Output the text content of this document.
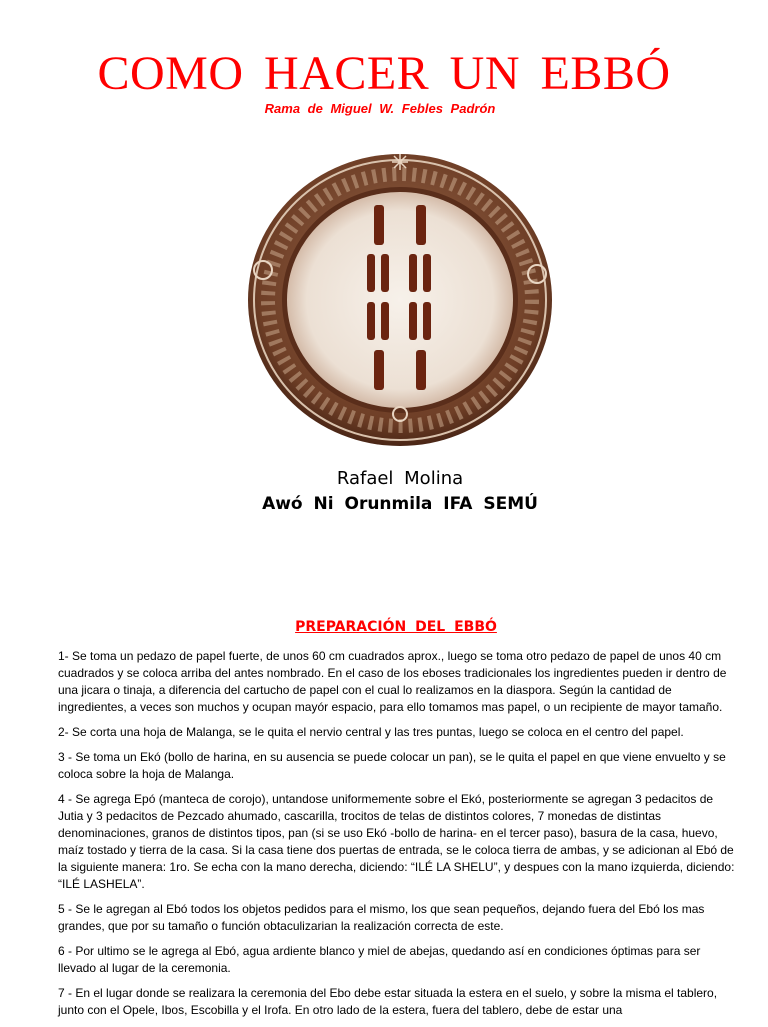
COMO HACER UN EBBÓ

Rama de Miguel W. Febles Padrón

Rafael Molina

Awó Ni Orunmila IFA SEMÚ

PREPARACIÓN DEL EBBÓ

1- Se toma un pedazo de papel fuerte, de unos 60 cm cuadrados aprox., luego se toma otro pedazo de papel de unos 40 cm cuadrados y se coloca arriba del antes nombrado. En el caso de los eboses tradicionales los ingredientes pueden ir dentro de una jicara o tinaja, a diferencia del cartucho de papel con el cual lo realizamos en la diaspora. Según la cantidad de ingredientes, a veces son muchos y ocupan mayór espacio, para ello tomamos mas papel, o un recipiente de mayor tamaño.

2- Se corta una hoja de Malanga, se le quita el nervio central y las tres puntas, luego se coloca en el centro del papel.

3 - Se toma un Ekó (bollo de harina, en su ausencia se puede colocar un pan), se le quita el papel en que viene envuelto y se coloca sobre la hoja de Malanga.

4 - Se agrega Epó (manteca de corojo), untandose uniformemente sobre el Ekó, posteriormente se agregan 3 pedacitos de Jutia y 3 pedacitos de Pezcado ahumado, cascarilla, trocitos de telas de distintos colores, 7 monedas de distintas denominaciones, granos de distintos tipos, pan (si se uso Ekó -bollo de harina- en el tercer paso), basura de la casa, huevo, maíz tostado y tierra de la casa. Si la casa tiene dos puertas de entrada, se le coloca tierra de ambas, y se adicionan al Ebó de la siguiente manera: 1ro. Se echa con la mano derecha, diciendo: “ILÉ LA SHELU”, y despues con la mano izquierda, diciendo: “ILÉ LASHELA”.

5 - Se le agregan al Ebó todos los objetos pedidos para el mismo, los que sean pequeños, dejando fuera del Ebó los mas grandes, que por su tamaño o función obtaculizarian la realización correcta de este.

6 - Por ultimo se le agrega al Ebó, agua ardiente blanco y miel de abejas, quedando así en condiciones óptimas para ser llevado al lugar de la ceremonia.

7 - En el lugar donde se realizara la ceremonia del Ebo debe estar situada la estera en el suelo, y sobre la misma el tablero, junto con el Opele, Ibos, Escobilla y el Irofa. En otro lado de la estera, fuera del tablero, debe de estar una
